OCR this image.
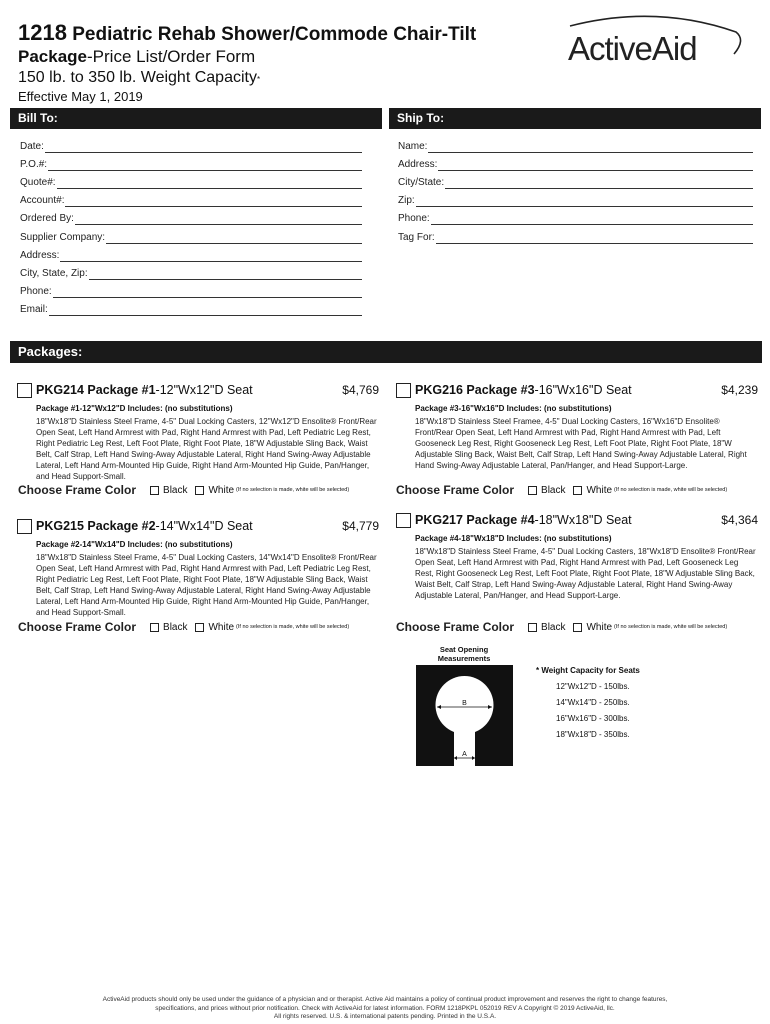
1218 Pediatric Rehab Shower/Commode Chair-Tilt
Package-Price List/Order Form
150 lb. to 350 lb. Weight Capacity*
Effective May 1, 2019
ActiveAid
Bill To:	Ship To:
Date:
P.O.#:
Quote#:
Account#:
Ordered By:
Supplier Company:
Address:
City, State, Zip:
Phone:
Email:
Name:
Address:
City/State:
Zip:
Phone:
Tag For:
Packages:
PKG214 Package #1-12"Wx12"D Seat	$4,769
Package #1-12"Wx12"D Includes: (no substitutions)
18"Wx18"D Stainless Steel Frame, 4-5" Dual Locking Casters, 12"Wx12"D Ensolite® Front/Rear Open Seat, Left Hand Armrest with Pad, Right Hand Armrest with Pad, Left Pediatric Leg Rest, Right Pediatric Leg Rest, Left Foot Plate, Right Foot Plate, 18"W Adjustable Sling Back, Waist Belt, Calf Strap, Left Hand Swing-Away Adjustable Lateral, Right Hand Swing-Away Adjustable Lateral, Left Hand Arm-Mounted Hip Guide, Right Hand Arm-Mounted Hip Guide, Pan/Hanger, and Head Support-Small.
Choose Frame Color	Black White (If no selection is made, white will be selected)
PKG216 Package #3-16"Wx16"D Seat	$4,239
Package #3-16"Wx16"D Includes: (no substitutions)
18"Wx18"D Stainless Steel Framee, 4-5" Dual Locking Casters, 16"Wx16"D Ensolite® Front/Rear Open Seat, Left Hand Armrest with Pad, Right Hand Armrest with Pad, Left Gooseneck Leg Rest, Right Gooseneck Leg Rest, Left Foot Plate, Right Foot Plate, 18"W Adjustable Sling Back, Waist Belt, Calf Strap, Left Hand Swing-Away Adjustable Lateral, Right Hand Swing-Away Adjustable Lateral, Pan/Hanger, and Head Support-Large.
Choose Frame Color	Black White (If no selection is made, white will be selected)
PKG215 Package #2-14"Wx14"D Seat	$4,779
Package #2-14"Wx14"D Includes: (no substitutions)
18"Wx18"D Stainless Steel Frame, 4-5" Dual Locking Casters, 14"Wx14"D Ensolite® Front/Rear Open Seat, Left Hand Armrest with Pad, Right Hand Armrest with Pad, Left Pediatric Leg Rest, Right Pediatric Leg Rest, Left Foot Plate, Right Foot Plate, 18"W Adjustable Sling Back, Waist Belt, Calf Strap, Left Hand Swing-Away Adjustable Lateral, Right Hand Swing-Away Adjustable Lateral, Left Hand Arm-Mounted Hip Guide, Right Hand Arm-Mounted Hip Guide, Pan/Hanger, and Head Support-Small.
Choose Frame Color	Black White (If no selection is made, white will be selected)
PKG217 Package #4-18"Wx18"D Seat	$4,364
Package #4-18"Wx18"D Includes: (no substitutions)
18"Wx18"D Stainless Steel Frame, 4-5" Dual Locking Casters, 18"Wx18"D Ensolite® Front/Rear Open Seat, Left Hand Armrest with Pad, Right Hand Armrest with Pad, Left Gooseneck Leg Rest, Right Gooseneck Leg Rest, Left Foot Plate, Right Foot Plate, 18"W Adjustable Sling Back, Waist Belt, Calf Strap, Left Hand Swing-Away Adjustable Lateral, Right Hand Swing-Away Adjustable Lateral, Pan/Hanger, and Head Support-Large.
Choose Frame Color	Black White (If no selection is made, white will be selected)
Seat Opening Measurements
B
A
* Weight Capacity for Seats
12"Wx12"D - 150lbs.
14"Wx14"D - 250lbs.
16"Wx16"D - 300lbs.
18"Wx18"D - 350lbs.
ActiveAid products should only be used under the guidance of a physician and or therapist. Active Aid maintains a policy of continual product improvement and reserves the right to change features,
specifications, and prices without prior notification. Check with ActiveAid for latest information. FORM 1218PKPL 052019 REV A Copyright © 2019 ActiveAid, llc.
All rights reserved. U.S. & international patents pending. Printed in the U.S.A.
